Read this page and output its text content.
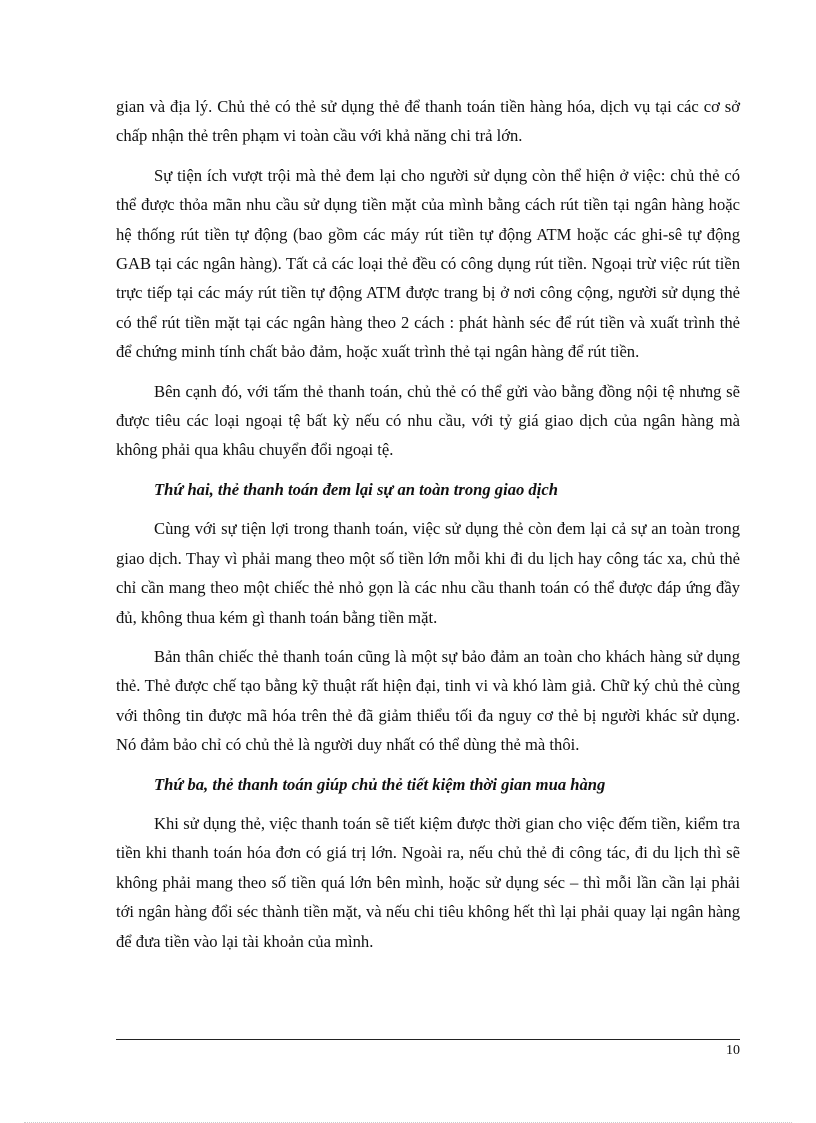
gian và địa lý. Chủ thẻ có thẻ sử dụng thẻ để thanh toán tiền hàng hóa, dịch vụ tại các cơ sở chấp nhận thẻ trên phạm vi toàn cầu với khả năng chi trả lớn.

Sự tiện ích vượt trội mà thẻ đem lại cho người sử dụng còn thể hiện ở việc: chủ thẻ có thể được thỏa mãn nhu cầu sử dụng tiền mặt của mình bằng cách rút tiền tại ngân hàng hoặc hệ thống rút tiền tự động (bao gồm các máy rút tiền tự động ATM hoặc các ghi-sê tự động GAB tại các ngân hàng). Tất cả các loại thẻ đều có công dụng rút tiền. Ngoại trừ việc rút tiền trực tiếp tại các máy rút tiền tự động ATM được trang bị ở nơi công cộng, người sử dụng thẻ có thể rút tiền mặt tại các ngân hàng theo 2 cách : phát hành séc để rút tiền và xuất trình thẻ để chứng minh tính chất bảo đảm, hoặc xuất trình thẻ tại ngân hàng để rút tiền.

Bên cạnh đó, với tấm thẻ thanh toán, chủ thẻ có thể gửi vào bằng đồng nội tệ nhưng sẽ được tiêu các loại ngoại tệ bất kỳ nếu có nhu cầu, với tỷ giá giao dịch của ngân hàng mà không phải qua khâu chuyển đổi ngoại tệ.

Thứ hai, thẻ thanh toán đem lại sự an toàn trong giao dịch

Cùng với sự tiện lợi trong thanh toán, việc sử dụng thẻ còn đem lại cả sự an toàn trong giao dịch. Thay vì phải mang theo một số tiền lớn mỗi khi đi du lịch hay công tác xa, chủ thẻ chỉ cần mang theo một chiếc thẻ nhỏ gọn là các nhu cầu thanh toán có thể được đáp ứng đầy đủ, không thua kém gì thanh toán bằng tiền mặt.

Bản thân chiếc thẻ thanh toán cũng là một sự bảo đảm an toàn cho khách hàng sử dụng thẻ. Thẻ được chế tạo bằng kỹ thuật rất hiện đại, tinh vi và khó làm giả. Chữ ký chủ thẻ cùng với thông tin được mã hóa trên thẻ đã giảm thiểu tối đa nguy cơ thẻ bị người khác sử dụng. Nó đảm bảo chỉ có chủ thẻ là người duy nhất có thể dùng thẻ mà thôi.

Thứ ba, thẻ thanh toán giúp chủ thẻ tiết kiệm thời gian mua hàng

Khi sử dụng thẻ, việc thanh toán sẽ tiết kiệm được thời gian cho việc đếm tiền, kiểm tra tiền khi thanh toán hóa đơn có giá trị lớn. Ngoài ra, nếu chủ thẻ đi công tác, đi du lịch thì sẽ không phải mang theo số tiền quá lớn bên mình, hoặc sử dụng séc – thì mỗi lần cần lại phải tới ngân hàng đổi séc thành tiền mặt, và nếu chi tiêu không hết thì lại phải quay lại ngân hàng để đưa tiền vào lại tài khoản của mình.

10
